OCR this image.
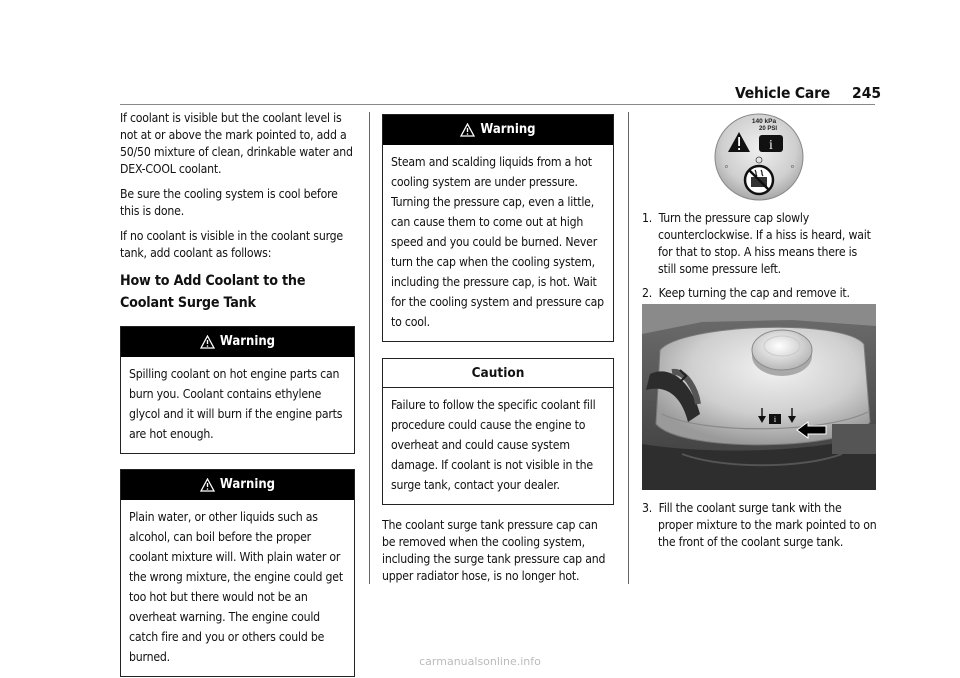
Vehicle Care 245

If coolant is visible but the coolant level is not at or above the mark pointed to, add a 50/50 mixture of clean, drinkable water and DEX-COOL coolant.

Be sure the cooling system is cool before this is done.

If no coolant is visible in the coolant surge tank, add coolant as follows:

How to Add Coolant to the Coolant Surge Tank
Warning
Spilling coolant on hot engine parts can burn you. Coolant contains ethylene glycol and it will burn if the engine parts are hot enough.
Warning
Plain water, or other liquids such as alcohol, can boil before the proper coolant mixture will. With plain water or the wrong mixture, the engine could get too hot but there would not be an overheat warning. The engine could catch fire and you or others could be burned.
Warning
Steam and scalding liquids from a hot cooling system are under pressure. Turning the pressure cap, even a little, can cause them to come out at high speed and you could be burned. Never turn the cap when the cooling system, including the pressure cap, is hot. Wait for the cooling system and pressure cap to cool.
Caution
Failure to follow the specific coolant fill procedure could cause the engine to overheat and could cause system damage. If coolant is not visible in the surge tank, contact your dealer.

The coolant surge tank pressure cap can be removed when the cooling system, including the surge tank pressure cap and upper radiator hose, is no longer hot.

140 kPa
20 PSI
i
o	o

1. Turn the pressure cap slowly counterclockwise. If a hiss is heard, wait for that to stop. A hiss means there is still some pressure left.

2. Keep turning the cap and remove it.

i

3. Fill the coolant surge tank with the proper mixture to the mark pointed to on the front of the coolant surge tank.

carmanualsonline.info
